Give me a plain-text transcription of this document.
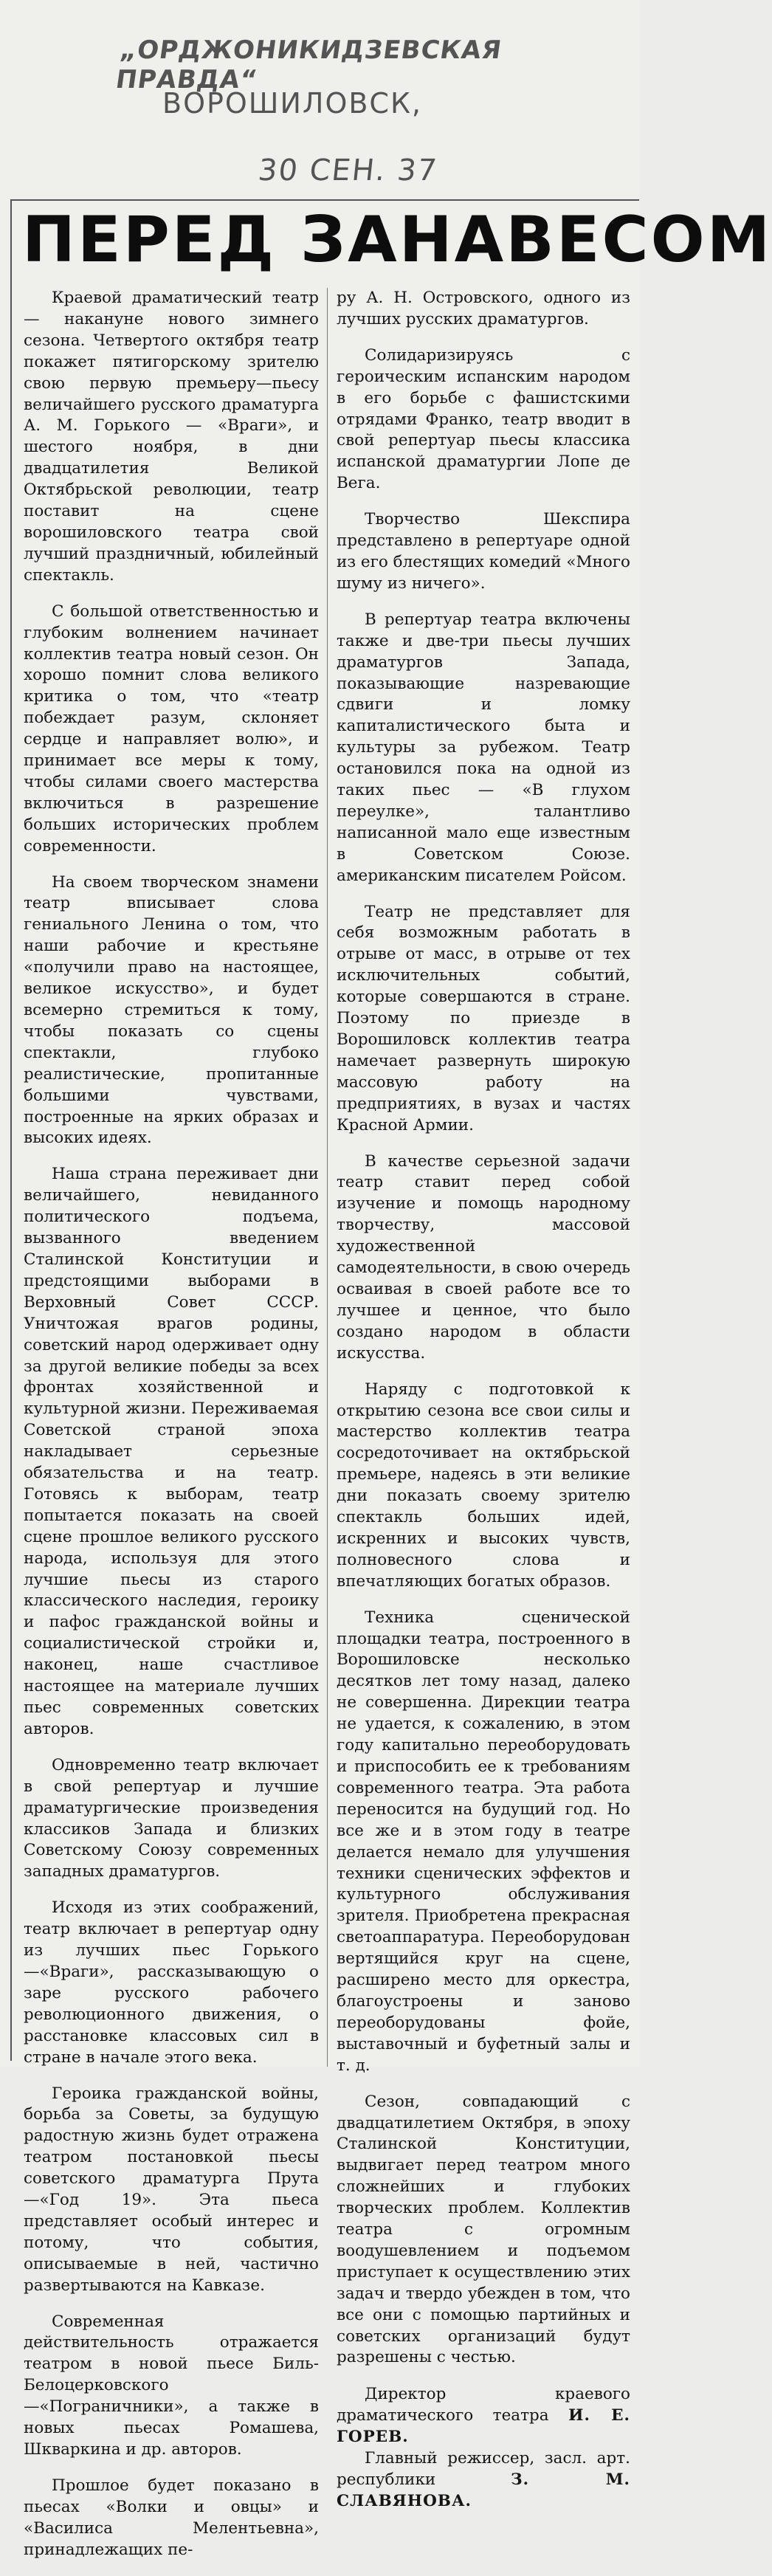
„ОРДЖОНИКИДЗЕВСКАЯ ПРАВДА“
ВОРОШИЛОВСК,
30 СЕН. 37
ПЕРЕД ЗАНАВЕСОМ

Краевой драматический театр — накануне нового зимнего сезона. Четвертого октября театр покажет пятигорскому зрителю свою первую премьеру—пьесу величайшего русского драматурга А. М. Горького — «Враги», и шестого ноября, в дни двадцатилетия Великой Октябрьской революции, театр поставит на сцене ворошиловского театра свой лучший праздничный, юбилейный спектакль.

С большой ответственностью и глубоким волнением начинает коллектив театра новый сезон. Он хорошо помнит слова великого критика о том, что «театр побеждает разум, склоняет сердце и направляет волю», и принимает все меры к тому, чтобы силами своего мастерства включиться в разрешение больших исторических проблем современности.

На своем творческом знамени театр вписывает слова гениального Ленина о том, что наши рабочие и крестьяне «получили право на настоящее, великое искусство», и будет всемерно стремиться к тому, чтобы показать со сцены спектакли, глубоко реалистические, пропитанные большими чувствами, построенные на ярких образах и высоких идеях.

Наша страна переживает дни величайшего, невиданного политического подъема, вызванного введением Сталинской Конституции и предстоящими выборами в Верховный Совет СССР. Уничтожая врагов родины, советский народ одерживает одну за другой великие победы за всех фронтах хозяйственной и культурной жизни. Переживаемая Советской страной эпоха накладывает серьезные обязательства и на театр. Готовясь к выборам, театр попытается показать на своей сцене прошлое великого русского народа, используя для этого лучшие пьесы из старого классического наследия, героику и пафос гражданской войны и социалистической стройки и, наконец, наше счастливое настоящее на материале лучших пьес современных советских авторов.

Одновременно театр включает в свой репертуар и лучшие драматургические произведения классиков Запада и близких Советскому Союзу современных западных драматургов.

Исходя из этих соображений, театр включает в репертуар одну из лучших пьес Горького—«Враги», рассказывающую о заре русского рабочего революционного движения, о расстановке классовых сил в стране в начале этого века.

Героика гражданской войны, борьба за Советы, за будущую радостную жизнь будет отражена театром постановкой пьесы советского драматурга Прута—«Год 19». Эта пьеса представляет особый интерес и потому, что события, описываемые в ней, частично развертываются на Кавказе.

Современная действительность отражается театром в новой пьесе Биль-Белоцерковского—«Пограничники», а также в новых пьесах Ромашева, Шкваркина и др. авторов.

Прошлое будет показано в пьесах «Волки и овцы» и «Василиса Мелентьевна», принадлежащих пе-

ру А. Н. Островского, одного из лучших русских драматургов.

Солидаризируясь с героическим испанским народом в его борьбе с фашистскими отрядами Франко, театр вводит в свой репертуар пьесы классика испанской драматургии Лопе де Вега.

Творчество Шекспира представлено в репертуаре одной из его блестящих комедий «Много шуму из ничего».

В репертуар театра включены также и две-три пьесы лучших драматургов Запада, показывающие назревающие сдвиги и ломку капиталистического быта и культуры за рубежом. Театр остановился пока на одной из таких пьес — «В глухом переулке», талантливо написанной мало еще известным в Советском Союзе. американским писателем Ройсом.

Театр не представляет для себя возможным работать в отрыве от масс, в отрыве от тех исключительных событий, которые совершаются в стране. Поэтому по приезде в Ворошиловск коллектив театра намечает развернуть широкую массовую работу на предприятиях, в вузах и частях Красной Армии.

В качестве серьезной задачи театр ставит перед собой изучение и помощь народному творчеству, массовой художественной самодеятельности, в свою очередь осваивая в своей работе все то лучшее и ценное, что было создано народом в области искусства.

Наряду с подготовкой к открытию сезона все свои силы и мастерство коллектив театра сосредоточивает на октябрьской премьере, надеясь в эти великие дни показать своему зрителю спектакль больших идей, искренних и высоких чувств, полновесного слова и впечатляющих богатых образов.

Техника сценической площадки театра, построенного в Ворошиловске несколько десятков лет тому назад, далеко не совершенна. Дирекции театра не удается, к сожалению, в этом году капитально переоборудовать и приспособить ее к требованиям современного театра. Эта работа переносится на будущий год. Но все же и в этом году в театре делается немало для улучшения техники сценических эффектов и культурного обслуживания зрителя. Приобретена прекрасная светоаппаратура. Переоборудован вертящийся круг на сцене, расширено место для оркестра, благоустроены и заново переоборудованы фойе, выставочный и буфетный залы и т. д.

Сезон, совпадающий с двадцатилетием Октября, в эпоху Сталинской Конституции, выдвигает перед театром много сложнейших и глубоких творческих проблем. Коллектив театра с огромным воодушевлением и подъемом приступает к осуществлению этих задач и твердо убежден в том, что все они с помощью партийных и советских организаций будут разрешены с честью.

Директор краевого драматического театра И. Е. ГОРЕВ.

Главный режиссер, засл. арт. республики	З. М. СЛАВЯНОВА.
